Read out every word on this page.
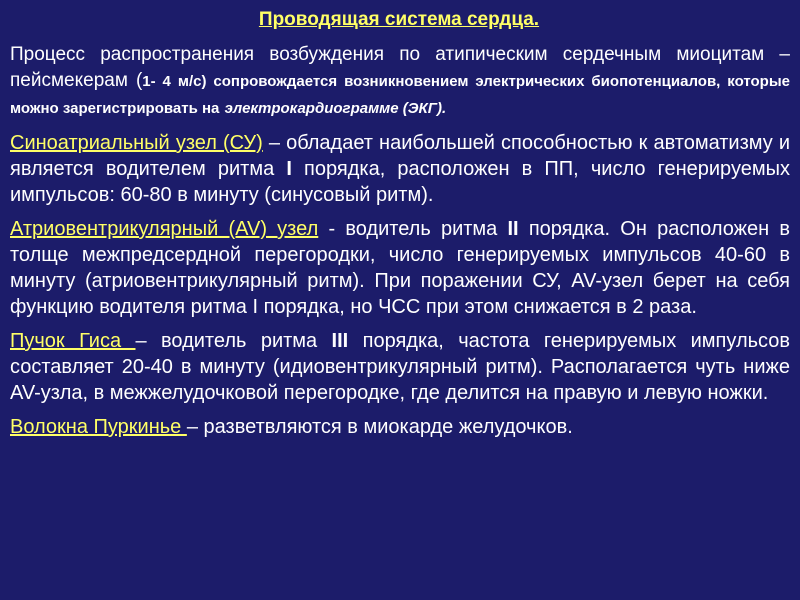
Проводящая система сердца.
Процесс распространения возбуждения по атипическим сердечным миоцитам – пейсмекерам (1- 4 м/с) сопровождается возникновением электрических биопотенциалов, которые можно зарегистрировать на электрокардиограмме (ЭКГ).
Синоатриальный узел (СУ) – обладает наибольшей способностью к автоматизму и является водителем ритма I порядка, расположен в ПП, число генерируемых импульсов: 60-80 в минуту (синусовый ритм).
Атриовентрикулярный (AV) узел - водитель ритма II порядка. Он расположен в толще межпредсердной перегородки, число генерируемых импульсов 40-60 в минуту (атриовентрикулярный ритм). При поражении СУ, AV-узел берет на себя функцию водителя ритма I порядка, но ЧСС при этом снижается в 2 раза.
Пучок Гиса – водитель ритма III порядка, частота генерируемых импульсов составляет 20-40 в минуту (идиовентрикулярный ритм). Располагается чуть ниже AV-узла, в межжелудочковой перегородке, где делится на правую и левую ножки.
Волокна Пуркинье – разветвляются в миокарде желудочков.
